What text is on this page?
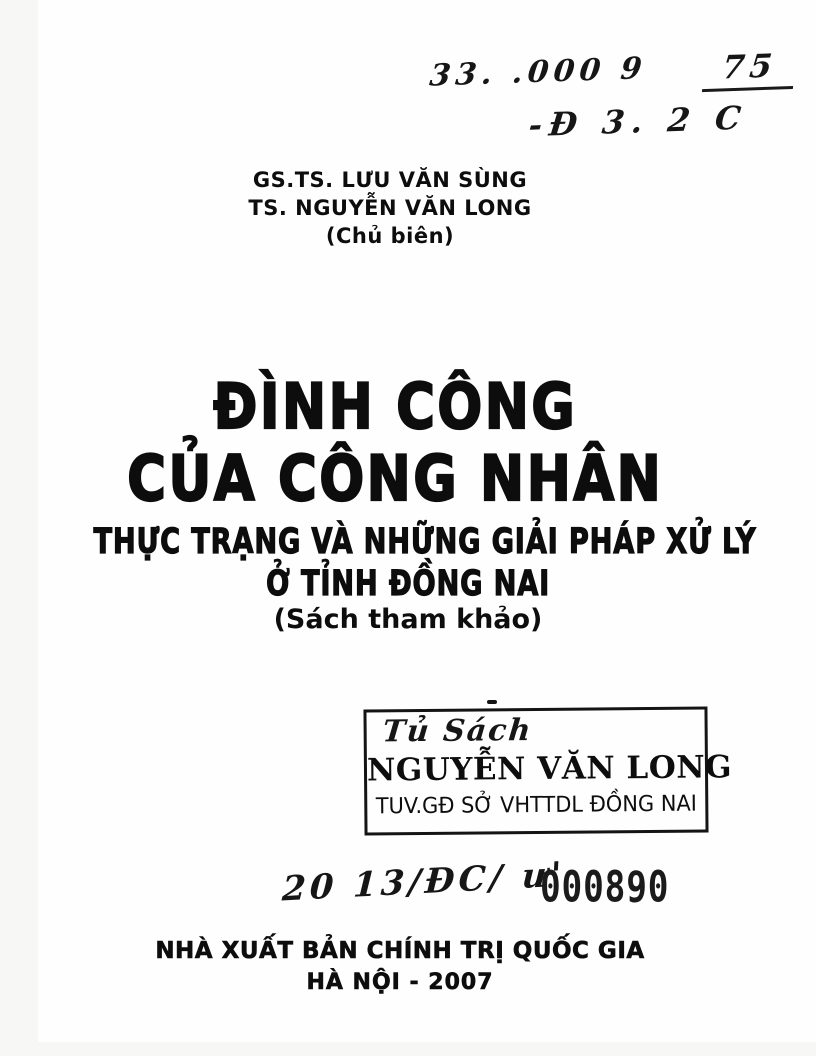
33. .000 9	75
-Đ 3. 2 C
GS.TS. LƯU VĂN SÙNG
TS. NGUYỄN VĂN LONG
(Chủ biên)
ĐÌNH CÔNG
CỦA CÔNG NHÂN
THỰC TRẠNG VÀ NHỮNG GIẢI PHÁP XỬ LÝ
Ở TỈNH ĐỒNG NAI
(Sách tham khảo)
Tủ Sách
NGUYỄN VĂN LONG
TUV.GĐ SỞ VHTTDL ĐỒNG NAI
20 13/ĐC/ ư'
000890
NHÀ XUẤT BẢN CHÍNH TRỊ QUỐC GIA
HÀ NỘI - 2007
